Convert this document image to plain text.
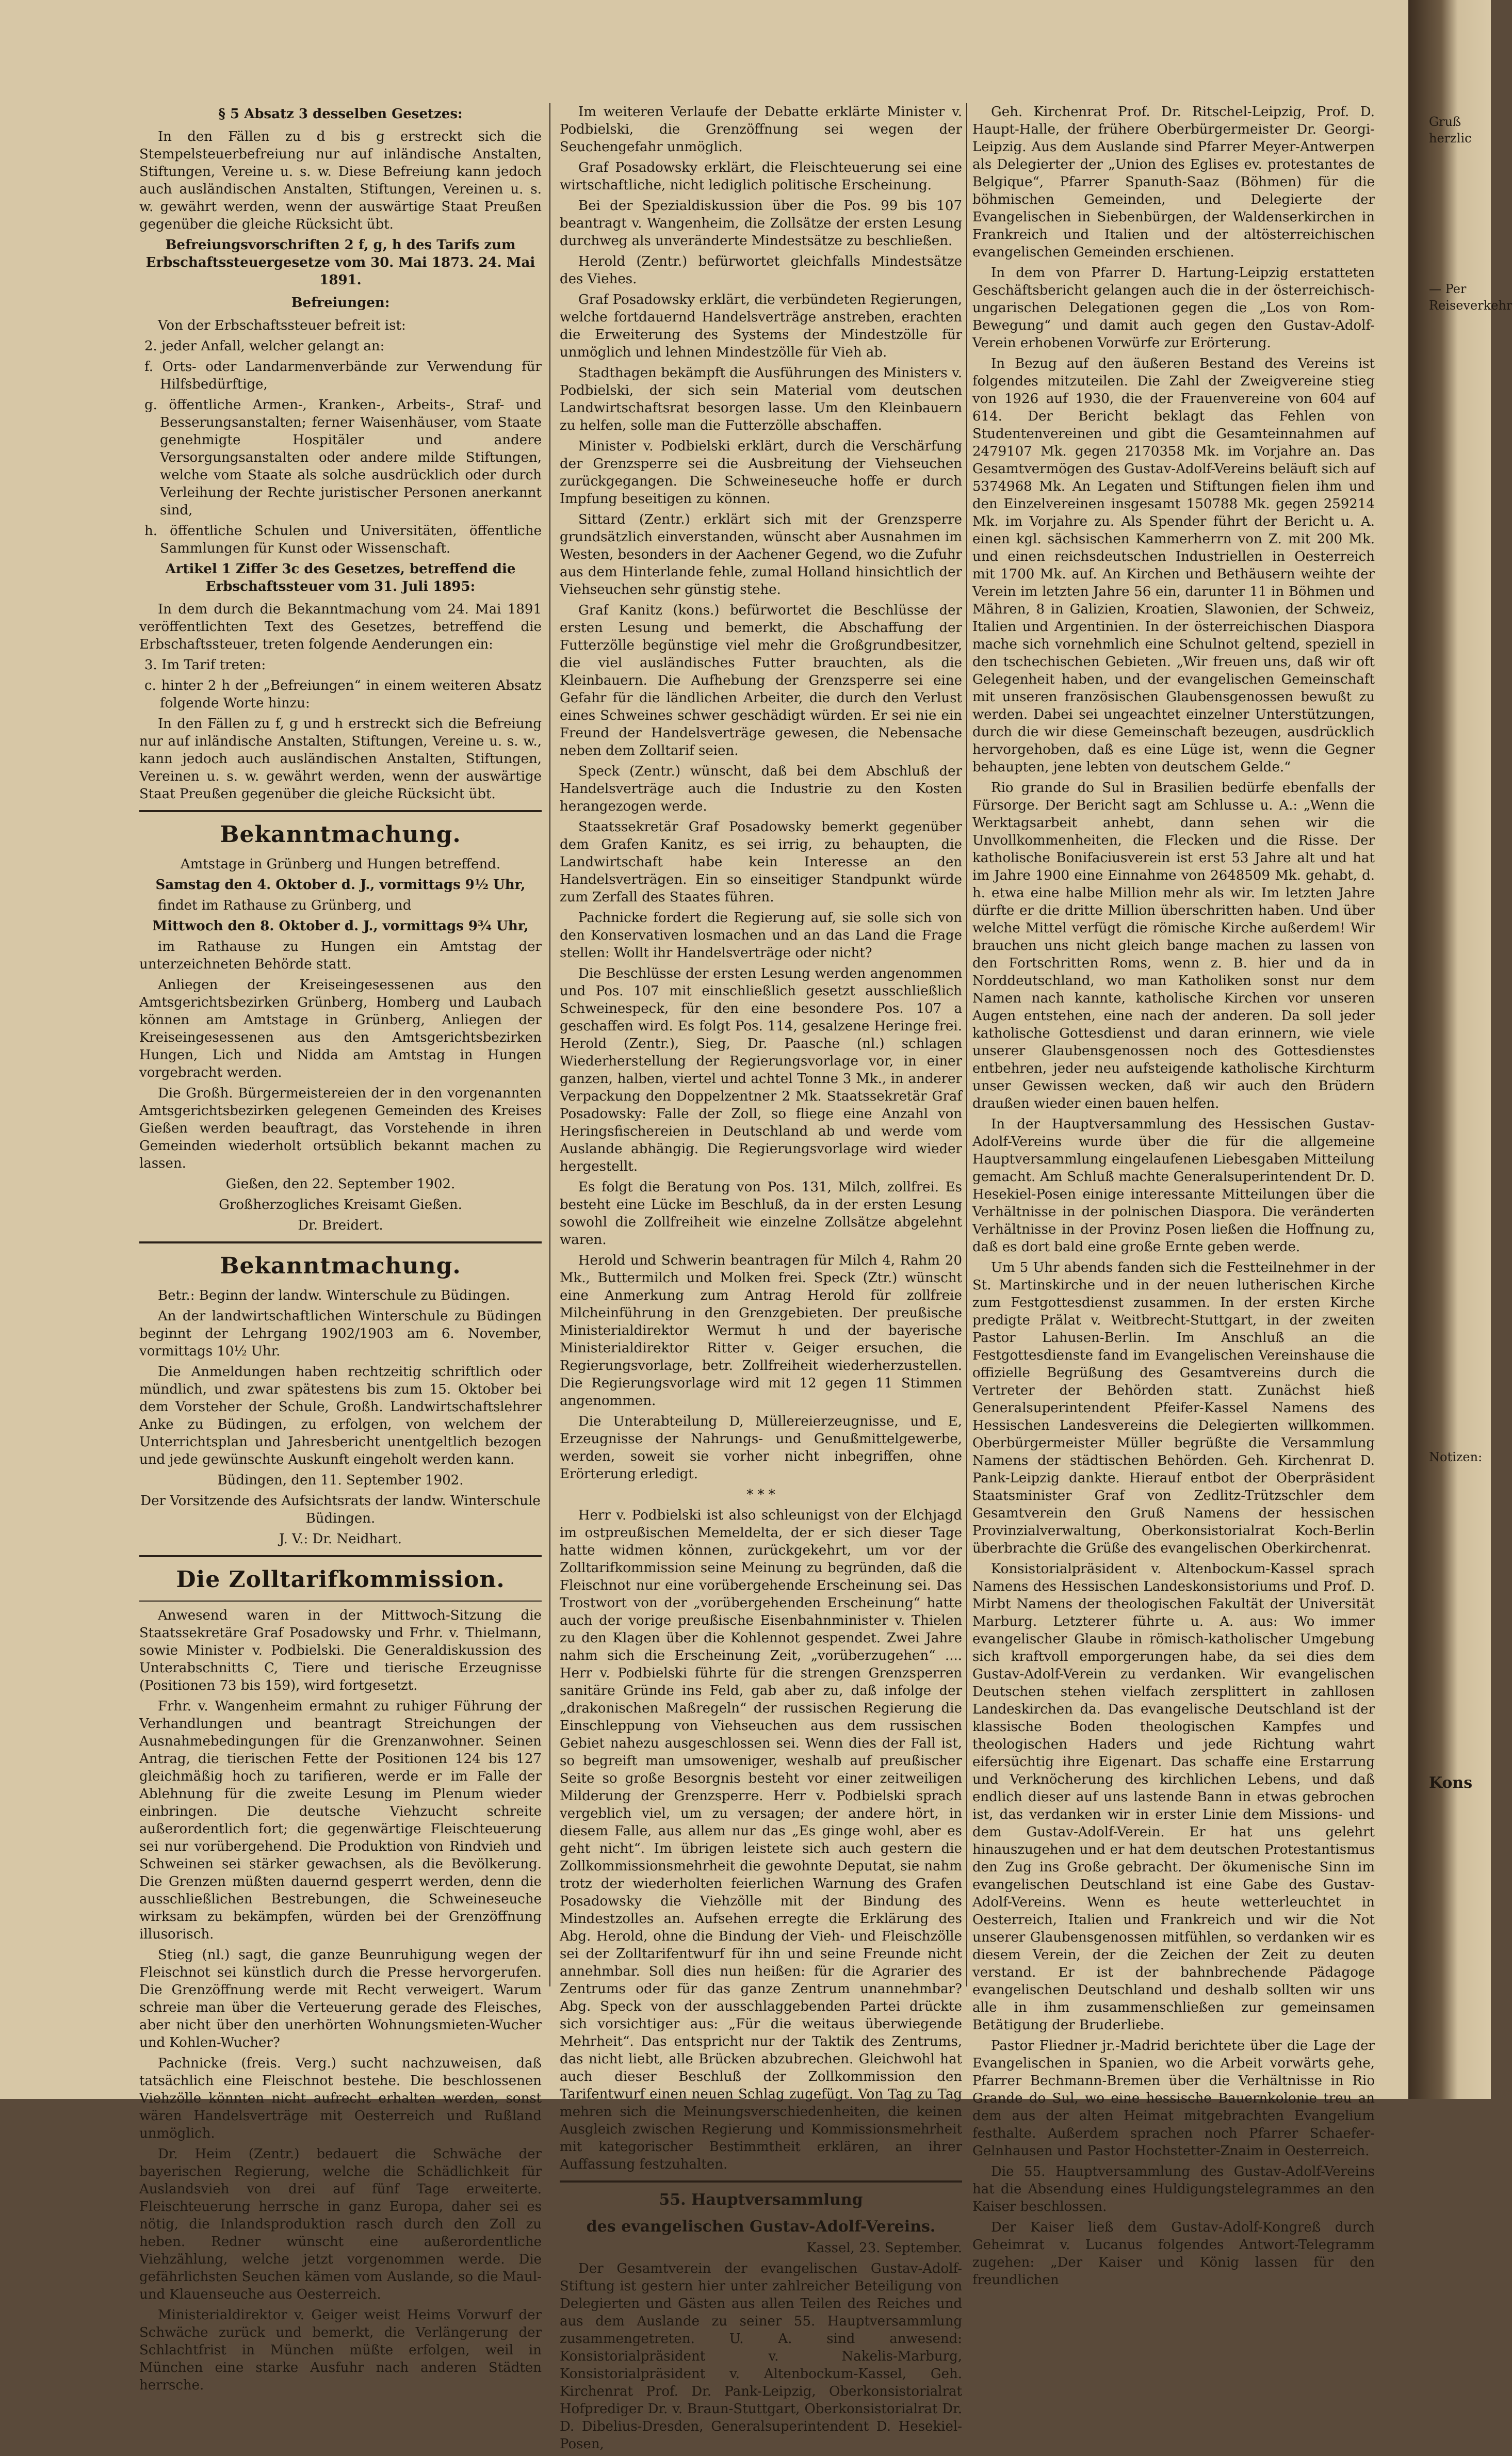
§ 5 Absatz 3 desselben Gesetzes:

In den Fällen zu d bis g erstreckt sich die Stempelsteuerbefreiung nur auf inländische Anstalten, Stiftungen, Vereine u. s. w. Diese Befreiung kann jedoch auch ausländischen Anstalten, Stiftungen, Vereinen u. s. w. gewährt werden, wenn der auswärtige Staat Preußen gegenüber die gleiche Rücksicht übt.

Befreiungsvorschriften 2 f, g, h des Tarifs zum Erbschaftssteuergesetze vom 30. Mai 1873. 24. Mai 1891.
Befreiungen:

Von der Erbschaftssteuer befreit ist:

2. jeder Anfall, welcher gelangt an:

f. Orts- oder Landarmenverbände zur Verwendung für Hilfsbedürftige,

g. öffentliche Armen-, Kranken-, Arbeits-, Straf- und Besserungsanstalten; ferner Waisenhäuser, vom Staate genehmigte Hospitäler und andere Versorgungsanstalten oder andere milde Stiftungen, welche vom Staate als solche ausdrücklich oder durch Verleihung der Rechte juristischer Personen anerkannt sind,

h. öffentliche Schulen und Universitäten, öffentliche Sammlungen für Kunst oder Wissenschaft.

Artikel 1 Ziffer 3c des Gesetzes, betreffend die Erbschaftssteuer vom 31. Juli 1895:

In dem durch die Bekanntmachung vom 24. Mai 1891 veröffentlichten Text des Gesetzes, betreffend die Erbschaftssteuer, treten folgende Aenderungen ein:

3. Im Tarif treten:

c. hinter 2 h der „Befreiungen“ in einem weiteren Absatz folgende Worte hinzu:

In den Fällen zu f, g und h erstreckt sich die Befreiung nur auf inländische Anstalten, Stiftungen, Vereine u. s. w., kann jedoch auch ausländischen Anstalten, Stiftungen, Vereinen u. s. w. gewährt werden, wenn der auswärtige Staat Preußen gegenüber die gleiche Rücksicht übt.

Bekanntmachung.

Amtstage in Grünberg und Hungen betreffend.

Samstag den 4. Oktober d. J., vormittags 9½ Uhr,

findet im Rathause zu Grünberg, und

Mittwoch den 8. Oktober d. J., vormittags 9¾ Uhr,

im Rathause zu Hungen ein Amtstag der unterzeichneten Behörde statt.

Anliegen der Kreiseingesessenen aus den Amtsgerichtsbezirken Grünberg, Homberg und Laubach können am Amtstage in Grünberg, Anliegen der Kreiseingesessenen aus den Amtsgerichtsbezirken Hungen, Lich und Nidda am Amtstag in Hungen vorgebracht werden.

Die Großh. Bürgermeistereien der in den vorgenannten Amtsgerichtsbezirken gelegenen Gemeinden des Kreises Gießen werden beauftragt, das Vorstehende in ihren Gemeinden wiederholt ortsüblich bekannt machen zu lassen.

Gießen, den 22. September 1902.

Großherzogliches Kreisamt Gießen.

Dr. Breidert.

Bekanntmachung.

Betr.: Beginn der landw. Winterschule zu Büdingen.

An der landwirtschaftlichen Winterschule zu Büdingen beginnt der Lehrgang 1902/1903 am 6. November, vormittags 10½ Uhr.

Die Anmeldungen haben rechtzeitig schriftlich oder mündlich, und zwar spätestens bis zum 15. Oktober bei dem Vorsteher der Schule, Großh. Landwirtschaftslehrer Anke zu Büdingen, zu erfolgen, von welchem der Unterrichtsplan und Jahresbericht unentgeltlich bezogen und jede gewünschte Auskunft eingeholt werden kann.

Büdingen, den 11. September 1902.

Der Vorsitzende des Aufsichtsrats der landw. Winterschule Büdingen.

J. V.: Dr. Neidhart.

Die Zolltarifkommission.

Anwesend waren in der Mittwoch-Sitzung die Staatssekretäre Graf Posadowsky und Frhr. v. Thielmann, sowie Minister v. Podbielski. Die Generaldiskussion des Unterabschnitts C, Tiere und tierische Erzeugnisse (Positionen 73 bis 159), wird fortgesetzt.

Frhr. v. Wangenheim ermahnt zu ruhiger Führung der Verhandlungen und beantragt Streichungen der Ausnahmebedingungen für die Grenzanwohner. Seinen Antrag, die tierischen Fette der Positionen 124 bis 127 gleichmäßig hoch zu tarifieren, werde er im Falle der Ablehnung für die zweite Lesung im Plenum wieder einbringen. Die deutsche Viehzucht schreite außerordentlich fort; die gegenwärtige Fleischteuerung sei nur vorübergehend. Die Produktion von Rindvieh und Schweinen sei stärker gewachsen, als die Bevölkerung. Die Grenzen müßten dauernd gesperrt werden, denn die ausschließlichen Bestrebungen, die Schweineseuche wirksam zu bekämpfen, würden bei der Grenzöffnung illusorisch.

Stieg (nl.) sagt, die ganze Beunruhigung wegen der Fleischnot sei künstlich durch die Presse hervorgerufen. Die Grenzöffnung werde mit Recht verweigert. Warum schreie man über die Verteuerung gerade des Fleisches, aber nicht über den unerhörten Wohnungsmieten-Wucher und Kohlen-Wucher?

Pachnicke (freis. Verg.) sucht nachzuweisen, daß tatsächlich eine Fleischnot bestehe. Die beschlossenen Viehzölle könnten nicht aufrecht erhalten werden, sonst wären Handelsverträge mit Oesterreich und Rußland unmöglich.

Dr. Heim (Zentr.) bedauert die Schwäche der bayerischen Regierung, welche die Schädlichkeit für Auslandsvieh von drei auf fünf Tage erweiterte. Fleischteuerung herrsche in ganz Europa, daher sei es nötig, die Inlandsproduktion rasch durch den Zoll zu heben. Redner wünscht eine außerordentliche Viehzählung, welche jetzt vorgenommen werde. Die gefährlichsten Seuchen kämen vom Auslande, so die Maul- und Klauenseuche aus Oesterreich.

Ministerialdirektor v. Geiger weist Heims Vorwurf der Schwäche zurück und bemerkt, die Verlängerung der Schlachtfrist in München müßte erfolgen, weil in München eine starke Ausfuhr nach anderen Städten herrsche.

Im weiteren Verlaufe der Debatte erklärte Minister v. Podbielski, die Grenzöffnung sei wegen der Seuchengefahr unmöglich.

Graf Posadowsky erklärt, die Fleischteuerung sei eine wirtschaftliche, nicht lediglich politische Erscheinung.

Bei der Spezialdiskussion über die Pos. 99 bis 107 beantragt v. Wangenheim, die Zollsätze der ersten Lesung durchweg als unveränderte Mindestsätze zu beschließen.

Herold (Zentr.) befürwortet gleichfalls Mindestsätze des Viehes.

Graf Posadowsky erklärt, die verbündeten Regierungen, welche fortdauernd Handelsverträge anstreben, erachten die Erweiterung des Systems der Mindestzölle für unmöglich und lehnen Mindestzölle für Vieh ab.

Stadthagen bekämpft die Ausführungen des Ministers v. Podbielski, der sich sein Material vom deutschen Landwirtschaftsrat besorgen lasse. Um den Kleinbauern zu helfen, solle man die Futterzölle abschaffen.

Minister v. Podbielski erklärt, durch die Verschärfung der Grenzsperre sei die Ausbreitung der Viehseuchen zurückgegangen. Die Schweineseuche hoffe er durch Impfung beseitigen zu können.

Sittard (Zentr.) erklärt sich mit der Grenzsperre grundsätzlich einverstanden, wünscht aber Ausnahmen im Westen, besonders in der Aachener Gegend, wo die Zufuhr aus dem Hinterlande fehle, zumal Holland hinsichtlich der Viehseuchen sehr günstig stehe.

Graf Kanitz (kons.) befürwortet die Beschlüsse der ersten Lesung und bemerkt, die Abschaffung der Futterzölle begünstige viel mehr die Großgrundbesitzer, die viel ausländisches Futter brauchten, als die Kleinbauern. Die Aufhebung der Grenzsperre sei eine Gefahr für die ländlichen Arbeiter, die durch den Verlust eines Schweines schwer geschädigt würden. Er sei nie ein Freund der Handelsverträge gewesen, die Nebensache neben dem Zolltarif seien.

Speck (Zentr.) wünscht, daß bei dem Abschluß der Handelsverträge auch die Industrie zu den Kosten herangezogen werde.

Staatssekretär Graf Posadowsky bemerkt gegenüber dem Grafen Kanitz, es sei irrig, zu behaupten, die Landwirtschaft habe kein Interesse an den Handelsverträgen. Ein so einseitiger Standpunkt würde zum Zerfall des Staates führen.

Pachnicke fordert die Regierung auf, sie solle sich von den Konservativen losmachen und an das Land die Frage stellen: Wollt ihr Handelsverträge oder nicht?

Die Beschlüsse der ersten Lesung werden angenommen und Pos. 107 mit einschließlich gesetzt ausschließlich Schweinespeck, für den eine besondere Pos. 107 a geschaffen wird. Es folgt Pos. 114, gesalzene Heringe frei. Herold (Zentr.), Sieg, Dr. Paasche (nl.) schlagen Wiederherstellung der Regierungsvorlage vor, in einer ganzen, halben, viertel und achtel Tonne 3 Mk., in anderer Verpackung den Doppelzentner 2 Mk. Staatssekretär Graf Posadowsky: Falle der Zoll, so fliege eine Anzahl von Heringsfischereien in Deutschland ab und werde vom Auslande abhängig. Die Regierungsvorlage wird wieder hergestellt.

Es folgt die Beratung von Pos. 131, Milch, zollfrei. Es besteht eine Lücke im Beschluß, da in der ersten Lesung sowohl die Zollfreiheit wie einzelne Zollsätze abgelehnt waren.

Herold und Schwerin beantragen für Milch 4, Rahm 20 Mk., Buttermilch und Molken frei. Speck (Ztr.) wünscht eine Anmerkung zum Antrag Herold für zollfreie Milcheinführung in den Grenzgebieten. Der preußische Ministerialdirektor Wermut h und der bayerische Ministerialdirektor Ritter v. Geiger ersuchen, die Regierungsvorlage, betr. Zollfreiheit wiederherzustellen. Die Regierungsvorlage wird mit 12 gegen 11 Stimmen angenommen.

Die Unterabteilung D, Müllereierzeugnisse, und E, Erzeugnisse der Nahrungs- und Genußmittelgewerbe, werden, soweit sie vorher nicht inbegriffen, ohne Erörterung erledigt.

* * *

Herr v. Podbielski ist also schleunigst von der Elchjagd im ostpreußischen Memeldelta, der er sich dieser Tage hatte widmen können, zurückgekehrt, um vor der Zolltarifkommission seine Meinung zu begründen, daß die Fleischnot nur eine vorübergehende Erscheinung sei. Das Trostwort von der „vorübergehenden Erscheinung“ hatte auch der vorige preußische Eisenbahnminister v. Thielen zu den Klagen über die Kohlennot gespendet. Zwei Jahre nahm sich die Erscheinung Zeit, „vorüberzugehen“ .... Herr v. Podbielski führte für die strengen Grenzsperren sanitäre Gründe ins Feld, gab aber zu, daß infolge der „drakonischen Maßregeln“ der russischen Regierung die Einschleppung von Viehseuchen aus dem russischen Gebiet nahezu ausgeschlossen sei. Wenn dies der Fall ist, so begreift man umsoweniger, weshalb auf preußischer Seite so große Besorgnis besteht vor einer zeitweiligen Milderung der Grenzsperre. Herr v. Podbielski sprach vergeblich viel, um zu versagen; der andere hört, in diesem Falle, aus allem nur das „Es ginge wohl, aber es geht nicht“. Im übrigen leistete sich auch gestern die Zollkommissionsmehrheit die gewohnte Deputat, sie nahm trotz der wiederholten feierlichen Warnung des Grafen Posadowsky die Viehzölle mit der Bindung des Mindestzolles an. Aufsehen erregte die Erklärung des Abg. Herold, ohne die Bindung der Vieh- und Fleischzölle sei der Zolltarifentwurf für ihn und seine Freunde nicht annehmbar. Soll dies nun heißen: für die Agrarier des Zentrums oder für das ganze Zentrum unannehmbar? Abg. Speck von der ausschlaggebenden Partei drückte sich vorsichtiger aus: „Für die weitaus überwiegende Mehrheit“. Das entspricht nur der Taktik des Zentrums, das nicht liebt, alle Brücken abzubrechen. Gleichwohl hat auch dieser Beschluß der Zollkommission den Tarifentwurf einen neuen Schlag zugefügt. Von Tag zu Tag mehren sich die Meinungsverschiedenheiten, die keinen Ausgleich zwischen Regierung und Kommissionsmehrheit mit kategorischer Bestimmtheit erklären, an ihrer Auffassung festzuhalten.

55. Hauptversammlung
des evangelischen Gustav-Adolf-Vereins.

Kassel, 23. September.

Der Gesamtverein der evangelischen Gustav-Adolf-Stiftung ist gestern hier unter zahlreicher Beteiligung von Delegierten und Gästen aus allen Teilen des Reiches und aus dem Auslande zu seiner 55. Hauptversammlung zusammengetreten. U. A. sind anwesend: Konsistorialpräsident v. Nakelis-Marburg, Konsistorialpräsident v. Altenbockum-Kassel, Geh. Kirchenrat Prof. Dr. Pank-Leipzig, Oberkonsistorialrat Hofprediger Dr. v. Braun-Stuttgart, Oberkonsistorialrat Dr. D. Dibelius-Dresden, Generalsuperintendent D. Hesekiel-Posen,

Geh. Kirchenrat Prof. Dr. Ritschel-Leipzig, Prof. D. Haupt-Halle, der frühere Oberbürgermeister Dr. Georgi-Leipzig. Aus dem Auslande sind Pfarrer Meyer-Antwerpen als Delegierter der „Union des Eglises ev. protestantes de Belgique“, Pfarrer Spanuth-Saaz (Böhmen) für die böhmischen Gemeinden, und Delegierte der Evangelischen in Siebenbürgen, der Waldenserkirchen in Frankreich und Italien und der altösterreichischen evangelischen Gemeinden erschienen.

In dem von Pfarrer D. Hartung-Leipzig erstatteten Geschäftsbericht gelangen auch die in der österreichisch-ungarischen Delegationen gegen die „Los von Rom-Bewegung“ und damit auch gegen den Gustav-Adolf-Verein erhobenen Vorwürfe zur Erörterung.

In Bezug auf den äußeren Bestand des Vereins ist folgendes mitzuteilen. Die Zahl der Zweigvereine stieg von 1926 auf 1930, die der Frauenvereine von 604 auf 614. Der Bericht beklagt das Fehlen von Studentenvereinen und gibt die Gesamteinnahmen auf 2479107 Mk. gegen 2170358 Mk. im Vorjahre an. Das Gesamtvermögen des Gustav-Adolf-Vereins beläuft sich auf 5374968 Mk. An Legaten und Stiftungen fielen ihm und den Einzelvereinen insgesamt 150788 Mk. gegen 259214 Mk. im Vorjahre zu. Als Spender führt der Bericht u. A. einen kgl. sächsischen Kammerherrn von Z. mit 200 Mk. und einen reichsdeutschen Industriellen in Oesterreich mit 1700 Mk. auf. An Kirchen und Bethäusern weihte der Verein im letzten Jahre 56 ein, darunter 11 in Böhmen und Mähren, 8 in Galizien, Kroatien, Slawonien, der Schweiz, Italien und Argentinien. In der österreichischen Diaspora mache sich vornehmlich eine Schulnot geltend, speziell in den tschechischen Gebieten. „Wir freuen uns, daß wir oft Gelegenheit haben, und der evangelischen Gemeinschaft mit unseren französischen Glaubensgenossen bewußt zu werden. Dabei sei ungeachtet einzelner Unterstützungen, durch die wir diese Gemeinschaft bezeugen, ausdrücklich hervorgehoben, daß es eine Lüge ist, wenn die Gegner behaupten, jene lebten von deutschem Gelde.“

Rio grande do Sul in Brasilien bedürfe ebenfalls der Fürsorge. Der Bericht sagt am Schlusse u. A.: „Wenn die Werktagsarbeit anhebt, dann sehen wir die Unvollkommenheiten, die Flecken und die Risse. Der katholische Bonifaciusverein ist erst 53 Jahre alt und hat im Jahre 1900 eine Einnahme von 2648509 Mk. gehabt, d. h. etwa eine halbe Million mehr als wir. Im letzten Jahre dürfte er die dritte Million überschritten haben. Und über welche Mittel verfügt die römische Kirche außerdem! Wir brauchen uns nicht gleich bange machen zu lassen von den Fortschritten Roms, wenn z. B. hier und da in Norddeutschland, wo man Katholiken sonst nur dem Namen nach kannte, katholische Kirchen vor unseren Augen entstehen, eine nach der anderen. Da soll jeder katholische Gottesdienst und daran erinnern, wie viele unserer Glaubensgenossen noch des Gottesdienstes entbehren, jeder neu aufsteigende katholische Kirchturm unser Gewissen wecken, daß wir auch den Brüdern draußen wieder einen bauen helfen.

In der Hauptversammlung des Hessischen Gustav-Adolf-Vereins wurde über die für die allgemeine Hauptversammlung eingelaufenen Liebesgaben Mitteilung gemacht. Am Schluß machte Generalsuperintendent Dr. D. Hesekiel-Posen einige interessante Mitteilungen über die Verhältnisse in der polnischen Diaspora. Die veränderten Verhältnisse in der Provinz Posen ließen die Hoffnung zu, daß es dort bald eine große Ernte geben werde.

Um 5 Uhr abends fanden sich die Festteilnehmer in der St. Martinskirche und in der neuen lutherischen Kirche zum Festgottesdienst zusammen. In der ersten Kirche predigte Prälat v. Weitbrecht-Stuttgart, in der zweiten Pastor Lahusen-Berlin. Im Anschluß an die Festgottesdienste fand im Evangelischen Vereinshause die offizielle Begrüßung des Gesamtvereins durch die Vertreter der Behörden statt. Zunächst hieß Generalsuperintendent Pfeifer-Kassel Namens des Hessischen Landesvereins die Delegierten willkommen. Oberbürgermeister Müller begrüßte die Versammlung Namens der städtischen Behörden. Geh. Kirchenrat D. Pank-Leipzig dankte. Hierauf entbot der Oberpräsident Staatsminister Graf von Zedlitz-Trützschler dem Gesamtverein den Gruß Namens der hessischen Provinzialverwaltung, Oberkonsistorialrat Koch-Berlin überbrachte die Grüße des evangelischen Oberkirchenrat.

Konsistorialpräsident v. Altenbockum-Kassel sprach Namens des Hessischen Landeskonsistoriums und Prof. D. Mirbt Namens der theologischen Fakultät der Universität Marburg. Letzterer führte u. A. aus: Wo immer evangelischer Glaube in römisch-katholischer Umgebung sich kraftvoll emporgerungen habe, da sei dies dem Gustav-Adolf-Verein zu verdanken. Wir evangelischen Deutschen stehen vielfach zersplittert in zahllosen Landeskirchen da. Das evangelische Deutschland ist der klassische Boden theologischen Kampfes und theologischen Haders und jede Richtung wahrt eifersüchtig ihre Eigenart. Das schaffe eine Erstarrung und Verknöcherung des kirchlichen Lebens, und daß endlich dieser auf uns lastende Bann in etwas gebrochen ist, das verdanken wir in erster Linie dem Missions- und dem Gustav-Adolf-Verein. Er hat uns gelehrt hinauszugehen und er hat dem deutschen Protestantismus den Zug ins Große gebracht. Der ökumenische Sinn im evangelischen Deutschland ist eine Gabe des Gustav-Adolf-Vereins. Wenn es heute wetterleuchtet in Oesterreich, Italien und Frankreich und wir die Not unserer Glaubensgenossen mitfühlen, so verdanken wir es diesem Verein, der die Zeichen der Zeit zu deuten verstand. Er ist der bahnbrechende Pädagoge evangelischen Deutschland und deshalb sollten wir uns alle in ihm zusammenschließen zur gemeinsamen Betätigung der Bruderliebe.

Pastor Fliedner jr.-Madrid berichtete über die Lage der Evangelischen in Spanien, wo die Arbeit vorwärts gehe, Pfarrer Bechmann-Bremen über die Verhältnisse in Rio Grande do Sul, wo eine hessische Bauernkolonie treu an dem aus der alten Heimat mitgebrachten Evangelium festhalte. Außerdem sprachen noch Pfarrer Schaefer-Gelnhausen und Pastor Hochstetter-Znaim in Oesterreich.

Die 55. Hauptversammlung des Gustav-Adolf-Vereins hat die Absendung eines Huldigungstelegrammes an den Kaiser beschlossen.

Der Kaiser ließ dem Gustav-Adolf-Kongreß durch Geheimrat v. Lucanus folgendes Antwort-Telegramm zugehen: „Der Kaiser und König lassen für den freundlichen

Gruß herzlic
— Per
Reiseverkehr
Notizen:
Kons
